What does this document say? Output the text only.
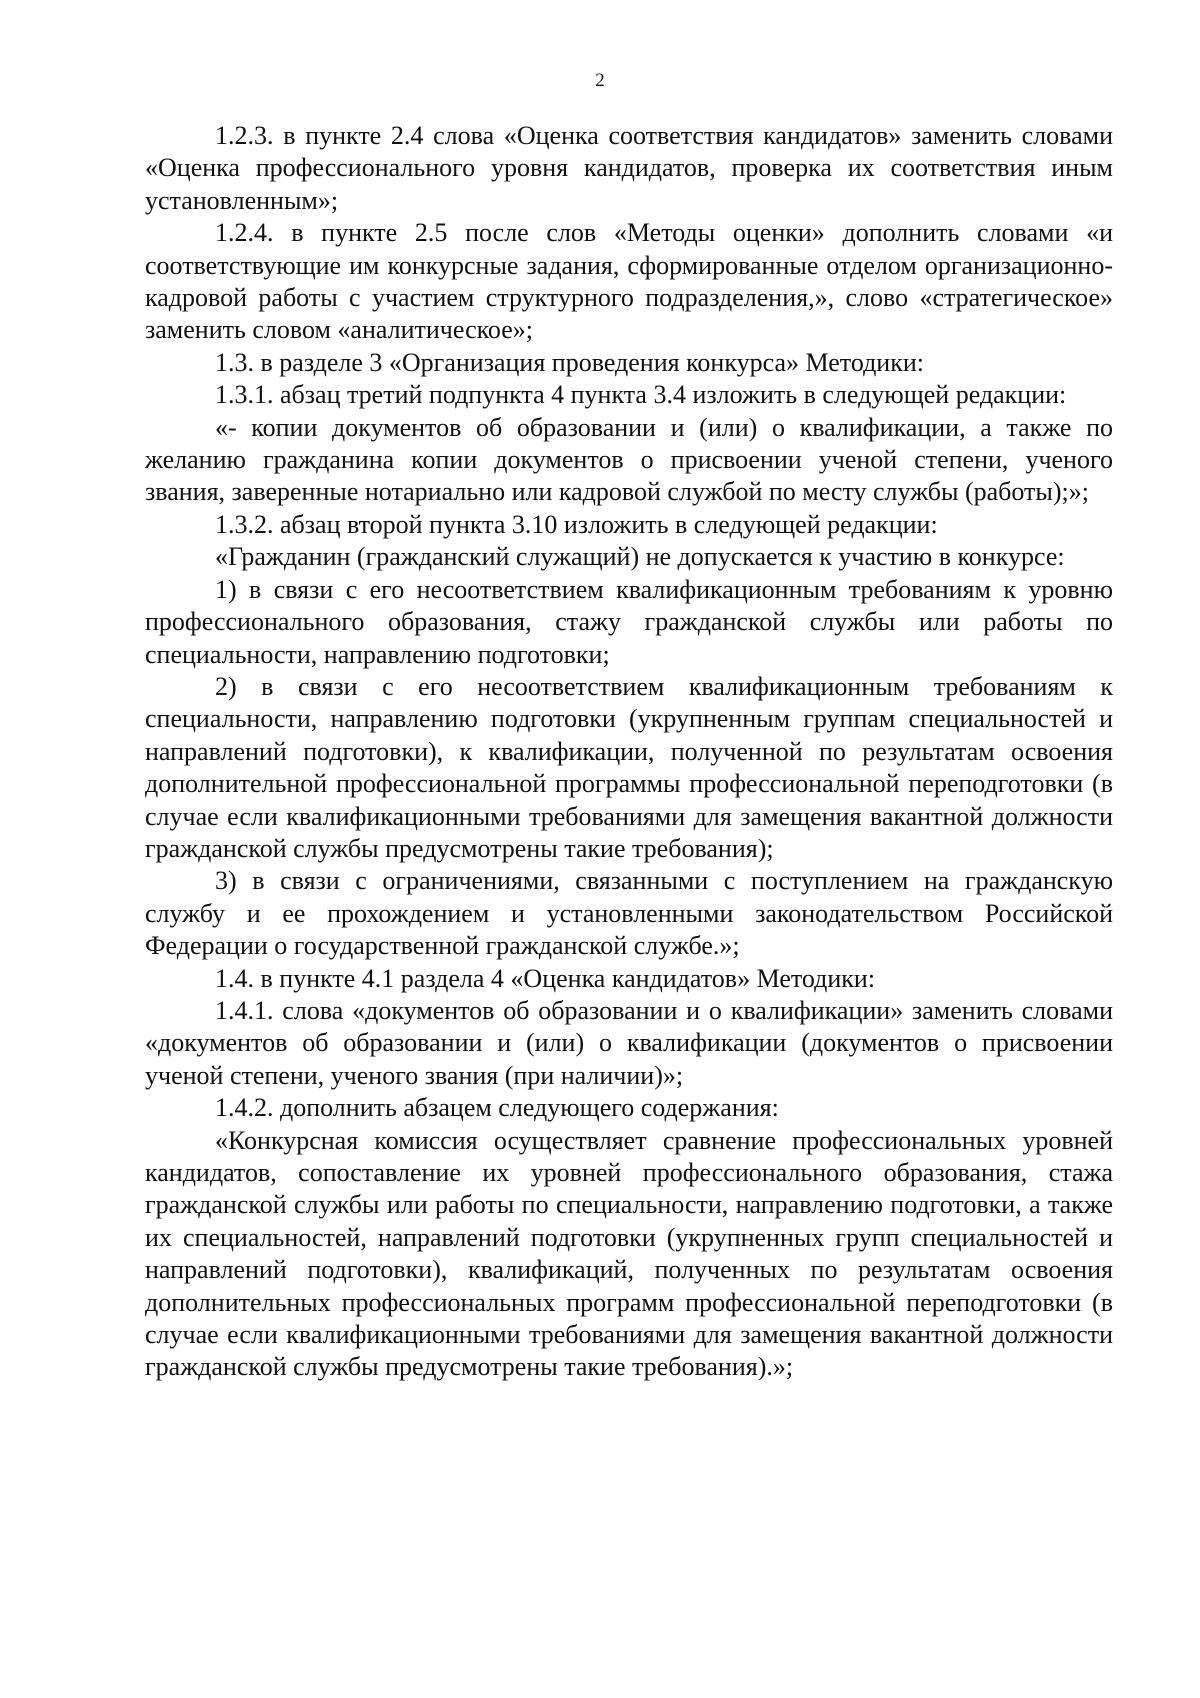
2

1.2.3. в пункте 2.4 слова «Оценка соответствия кандидатов» заменить словами «Оценка профессионального уровня кандидатов, проверка их соответствия иным установленным»;

1.2.4. в пункте 2.5 после слов «Методы оценки» дополнить словами «и соответствующие им конкурсные задания, сформированные отделом организационно-кадровой работы с участием структурного подразделения,», слово «стратегическое» заменить словом «аналитическое»;

1.3. в разделе 3 «Организация проведения конкурса» Методики:

1.3.1. абзац третий подпункта 4 пункта 3.4 изложить в следующей редакции:

«- копии документов об образовании и (или) о квалификации, а также по желанию гражданина копии документов о присвоении ученой степени, ученого звания, заверенные нотариально или кадровой службой по месту службы (работы);»;

1.3.2. абзац второй пункта 3.10 изложить в следующей редакции:

«Гражданин (гражданский служащий) не допускается к участию в конкурсе:

1) в связи с его несоответствием квалификационным требованиям к уровню профессионального образования, стажу гражданской службы или работы по специальности, направлению подготовки;

2) в связи с его несоответствием квалификационным требованиям к специальности, направлению подготовки (укрупненным группам специальностей и направлений подготовки), к квалификации, полученной по результатам освоения дополнительной профессиональной программы профессиональной переподготовки (в случае если квалификационными требованиями для замещения вакантной должности гражданской службы предусмотрены такие требования);

3) в связи с ограничениями, связанными с поступлением на гражданскую службу и ее прохождением и установленными законодательством Российской Федерации о государственной гражданской службе.»;

1.4. в пункте 4.1 раздела 4 «Оценка кандидатов» Методики:

1.4.1. слова «документов об образовании и о квалификации» заменить словами «документов об образовании и (или) о квалификации (документов о присвоении ученой степени, ученого звания (при наличии)»;

1.4.2. дополнить абзацем следующего содержания:

«Конкурсная комиссия осуществляет сравнение профессиональных уровней кандидатов, сопоставление их уровней профессионального образования, стажа гражданской службы или работы по специальности, направлению подготовки, а также их специальностей, направлений подготовки (укрупненных групп специальностей и направлений подготовки), квалификаций, полученных по результатам освоения дополнительных профессиональных программ профессиональной переподготовки (в случае если квалификационными требованиями для замещения вакантной должности гражданской службы предусмотрены такие требования).»;
